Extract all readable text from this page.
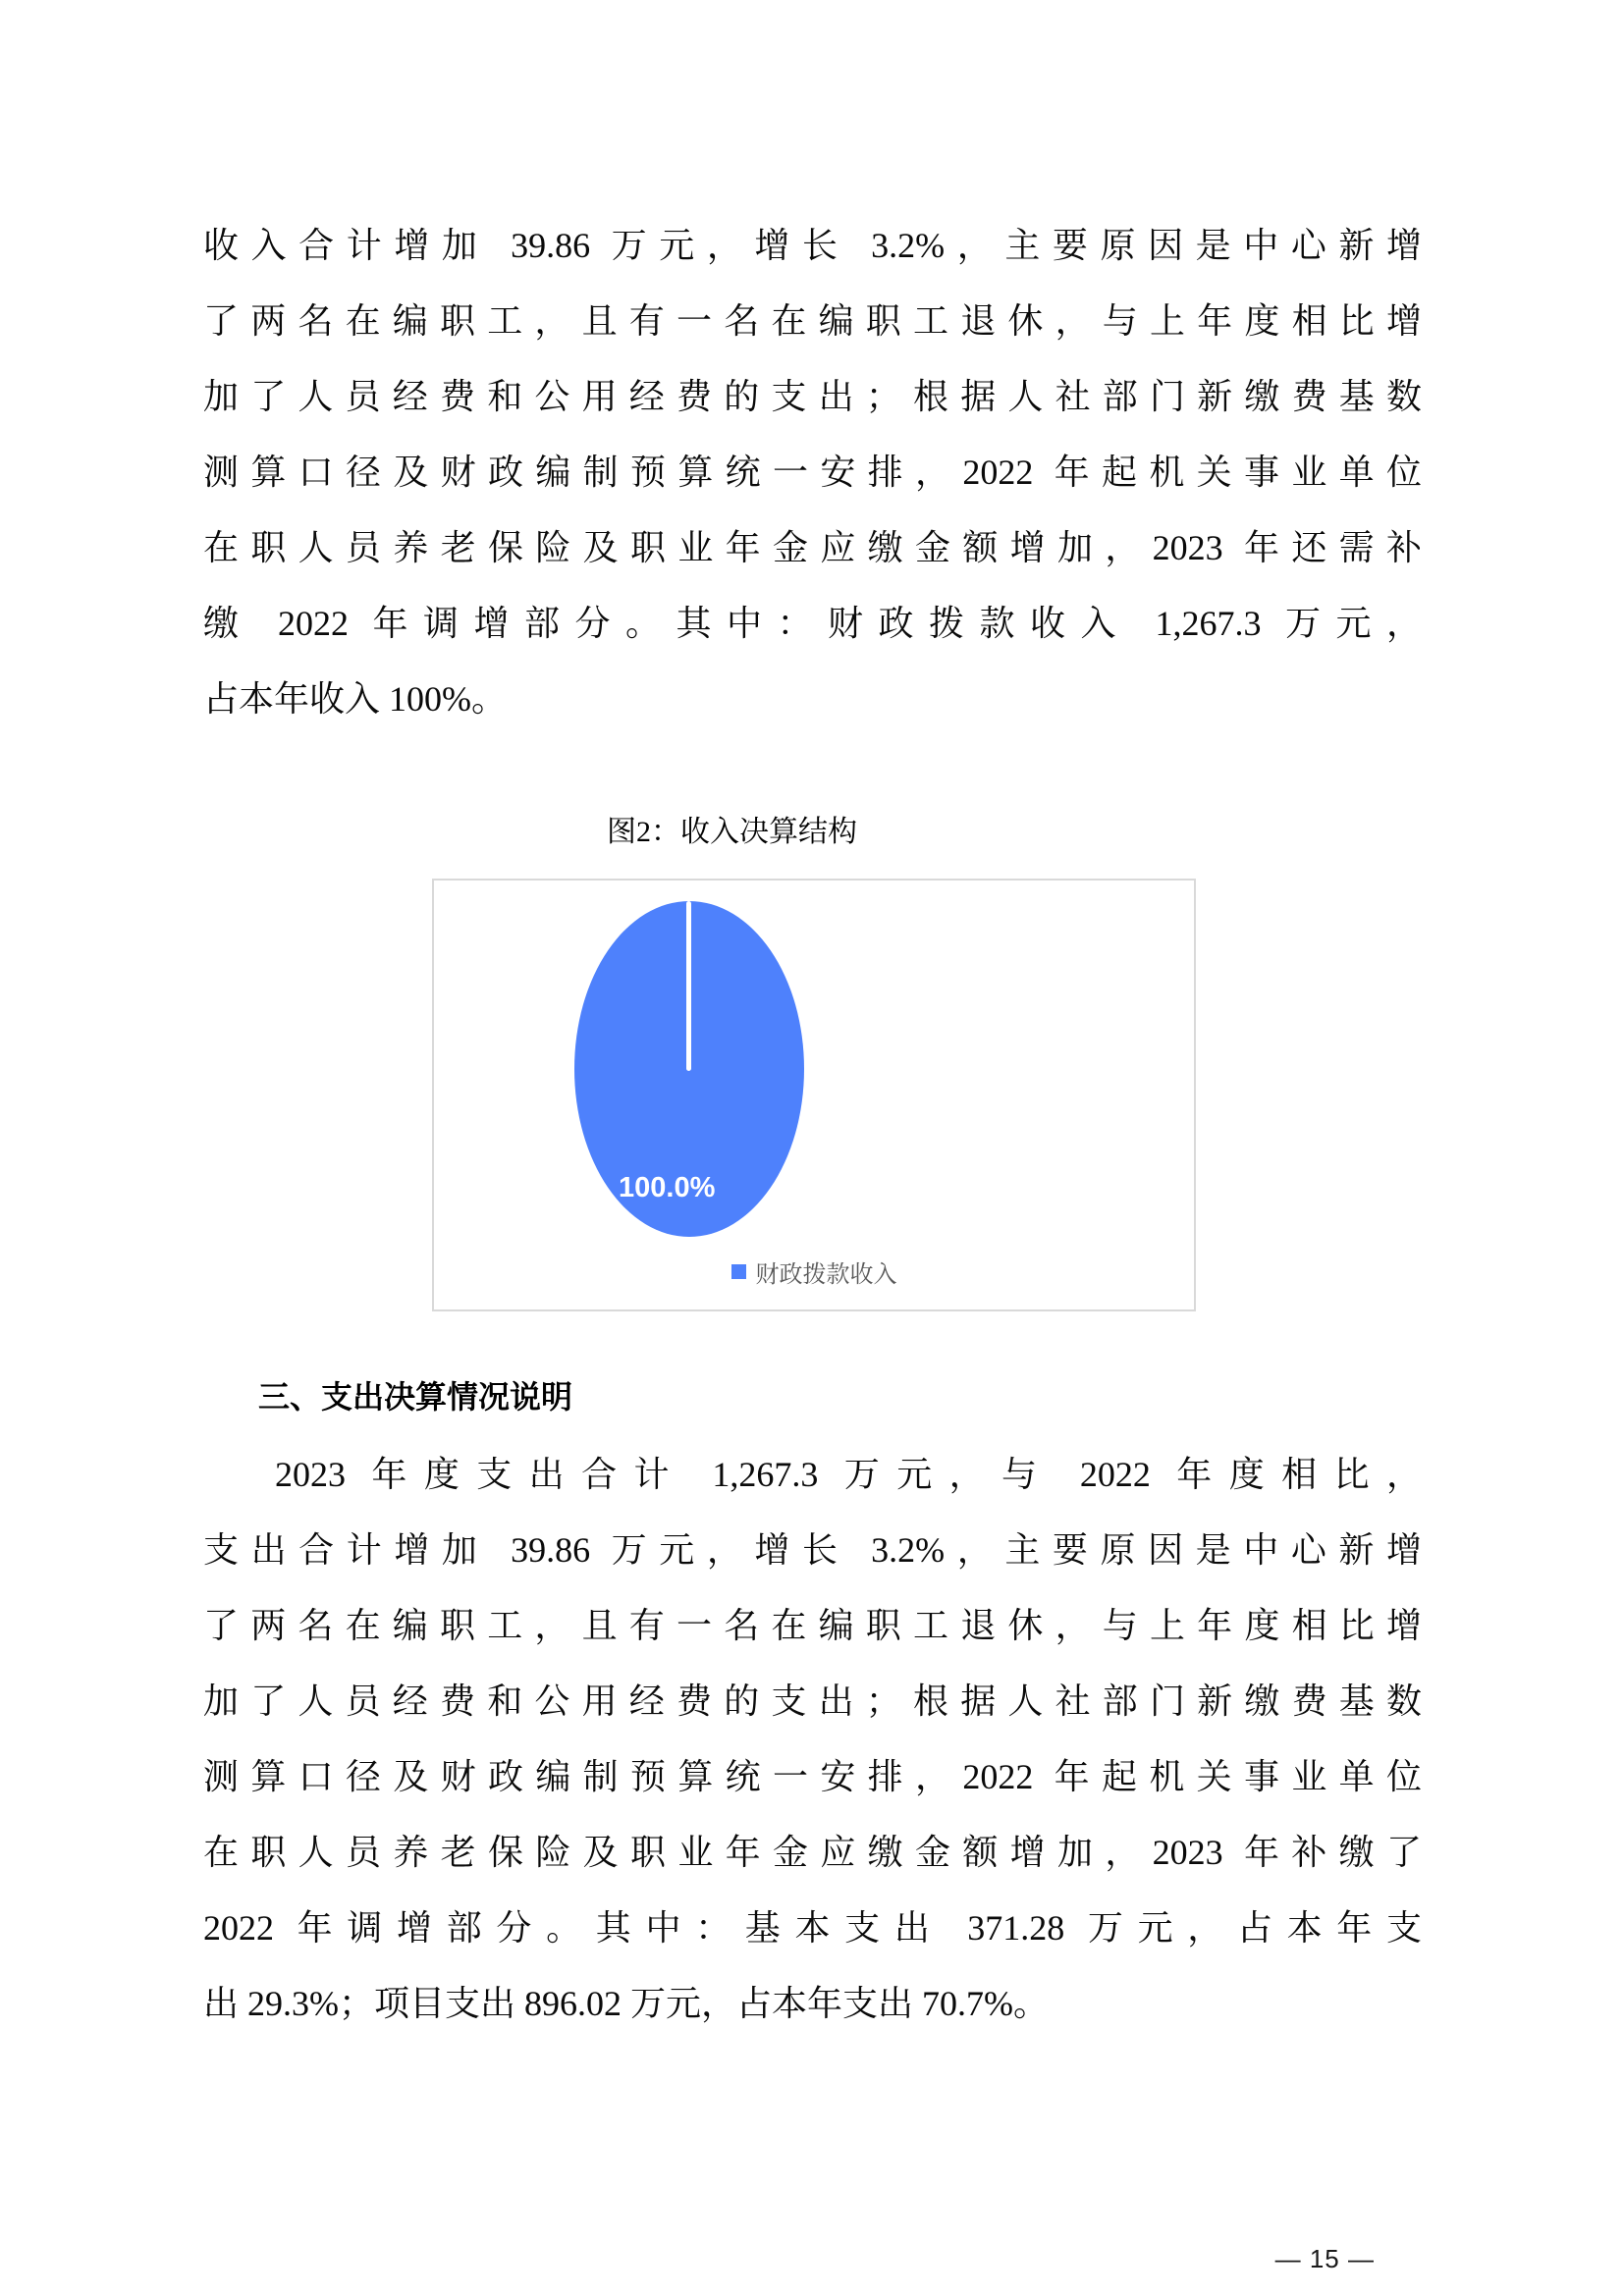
收入合计增加 39.86 万元，增长 3.2%，主要原因是中心新增
了两名在编职工，且有一名在编职工退休，与上年度相比增
加了人员经费和公用经费的支出；根据人社部门新缴费基数
测算口径及财政编制预算统一安排，2022 年起机关事业单位
在职人员养老保险及职业年金应缴金额增加，2023 年还需补
缴 2022 年调增部分。其中：财政拨款收入 1,267.3 万元，
占本年收入 100%。
图2：收入决算结构
100.0%
财政拨款收入
三、支出决算情况说明
2023 年度支出合计 1,267.3 万元，与 2022 年度相比，
支出合计增加 39.86 万元，增长 3.2%，主要原因是中心新增
了两名在编职工，且有一名在编职工退休，与上年度相比增
加了人员经费和公用经费的支出；根据人社部门新缴费基数
测算口径及财政编制预算统一安排，2022 年起机关事业单位
在职人员养老保险及职业年金应缴金额增加，2023 年补缴了
2022 年调增部分。其中：基本支出 371.28 万元，占本年支
出 29.3%；项目支出 896.02 万元，占本年支出 70.7%。
— 15 —
